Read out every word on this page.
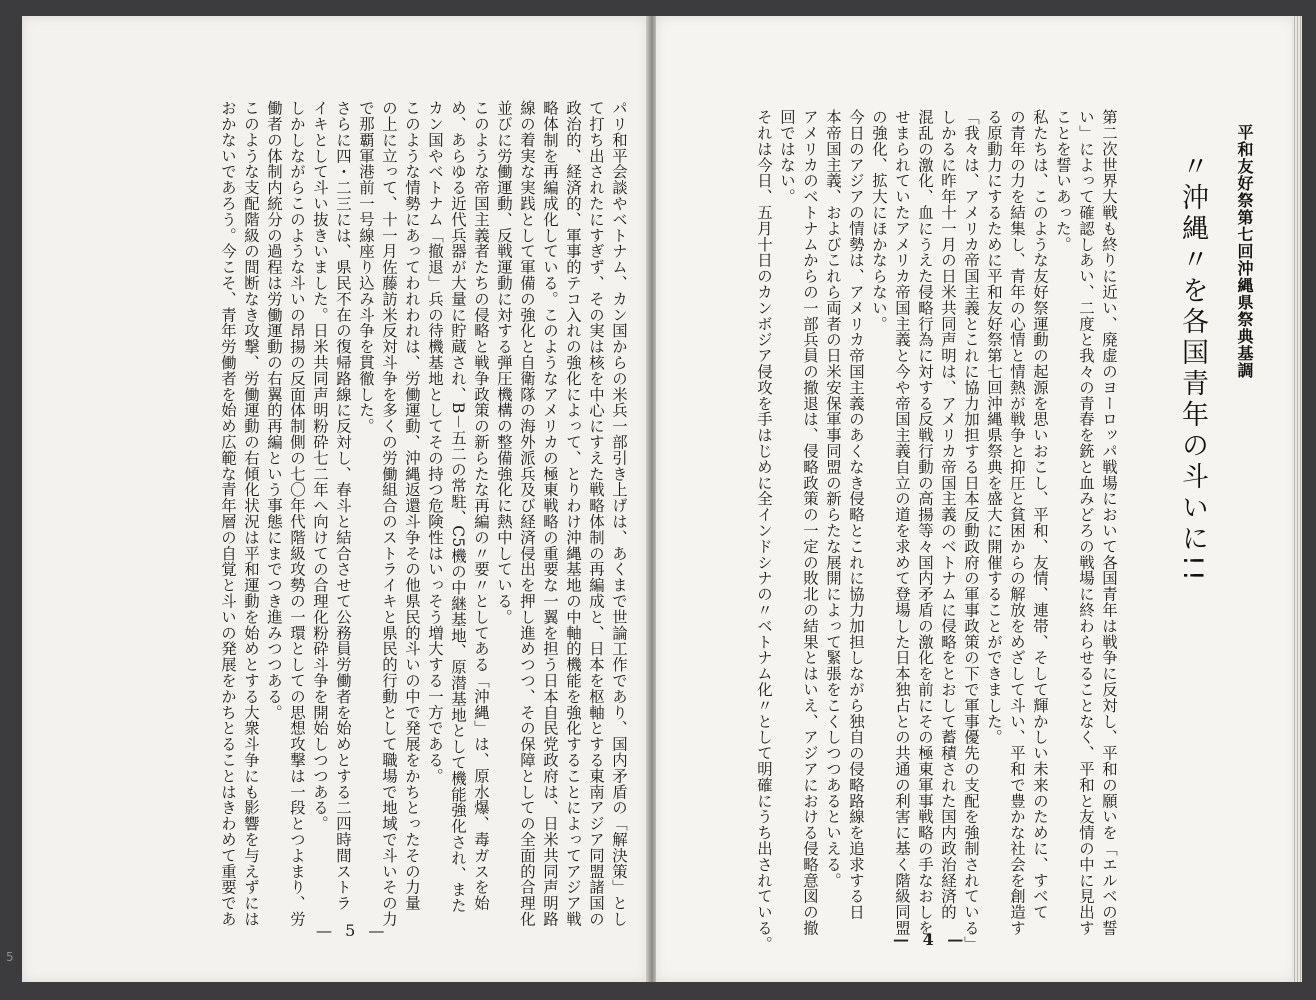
パリ和平会談やベトナム、カン国からの米兵一部引き上げは、あくまで世論工作であり、国内矛盾の「解決策」とし
て打ち出されたにすぎず、その実は核を中心にすえた戦略体制の再編成と、日本を枢軸とする東南アジア同盟諸国の
政治的、経済的、軍事的テコ入れの強化によって、とりわけ沖縄基地の中軸的機能を強化することによってアジア戦
略体制を再編成化している。このようなアメリカの極東戦略の重要な一翼を担う日本自民党政府は、日米共同声明路
線の着実な実践として軍備の強化と自衛隊の海外派兵及び経済侵出を押し進めつつ、その保障としての全面的合理化
並びに労働運動、反戦運動に対する弾圧機構の整備強化に熱中している。
このような帝国主義者たちの侵略と戦争政策の新らたな再編の〃要〃としてある「沖縄」は、原水爆、毒ガスを始
め、あらゆる近代兵器が大量に貯蔵され、B－五二の常駐、C5機の中継基地、原潜基地として機能強化され、また
カン国やベトナム「撤退」兵の待機基地としてその持つ危険性はいっそう増大する一方である。
このような情勢にあってわれわれは、労働運動、沖縄返還斗争その他県民的斗いの中で発展をかちとったその力量
の上に立って、十一月佐藤訪米反対斗争を多くの労働組合のストライキと県民的行動として職場で地域で斗いその力
で那覇軍港前一号線座り込み斗争を貫徹した。
さらに四・二三には、県民不在の復帰路線に反対し、春斗と結合させて公務員労働者を始めとする二四時間ストラ
イキとして斗い抜きいました。日米共同声明粉砕七二年へ向けての合理化粉砕斗争を開始しつつある。
しかしながらこのような斗いの昂揚の反面体制側の七〇年代階級攻勢の一環としての思想攻撃は一段とつよまり、労
働者の体制内統分の過程は労働運動の右翼的再編という事態にまでつき進みつつある。
このような支配階級の間断なき攻撃、労働運動の右傾化状況は平和運動を始めとする大衆斗争にも影響を与えずには
おかないであろう。今こそ、青年労働者を始め広範な青年層の自覚と斗いの発展をかちとることはきわめて重要であ
— 5 —
5
平和友好祭第七回沖縄県祭典基調
〃沖縄〃を各国青年の斗いに!!
第二次世界大戦も終りに近い、廃虚のヨーロッパ戦場において各国青年は戦争に反対し、平和の願いを「エルベの誓
い」によって確認しあい、二度と我々の青春を銃と血みどろの戦場に終わらせることなく、平和と友情の中に見出す
ことを誓いあった。
私たちは、このような友好祭運動の起源を思いおこし、平和、友情、連帯、そして輝かしい未来のために、すべて
の青年の力を結集し、青年の心情と情熱が戦争と抑圧と貧困からの解放をめざして斗い、平和で豊かな社会を創造す
る原動力にするために平和友好祭第七回沖縄県祭典を盛大に開催することができました。
「我々は、アメリカ帝国主義とこれに協力加担する日本反動政府の軍事政策の下で軍事優先の支配を強制されている」
しかるに昨年十一月の日米共同声明は、アメリカ帝国主義のベトナムに侵略をとおして蓄積された国内政治経済的
混乱の激化、血にうえた侵略行為に対する反戦行動の高揚等々国内矛盾の激化を前にその極東軍事戦略の手なおしを
せまられていたアメリカ帝国主義と今や帝国主義自立の道を求めて登場した日本独占との共通の利害に基く階級同盟
の強化、拡大にほかならない。
今日のアジアの情勢は、アメリカ帝国主義のあくなき侵略とこれに協力加担しながら独自の侵略路線を追求する日
本帝国主義、およびこれら両者の日米安保軍事同盟の新らたな展開によって緊張をこくしつつあるといえる。
アメリカのベトナムからの一部兵員の撤退は、侵略政策の一定の敗北の結果とはいえ、アジアにおける侵略意図の撤
回ではない。
それは今日、五月十日のカンボジア侵攻を手はじめに全インドシナの〃ベトナム化〃として明確にうち出されている。	— 4 —
